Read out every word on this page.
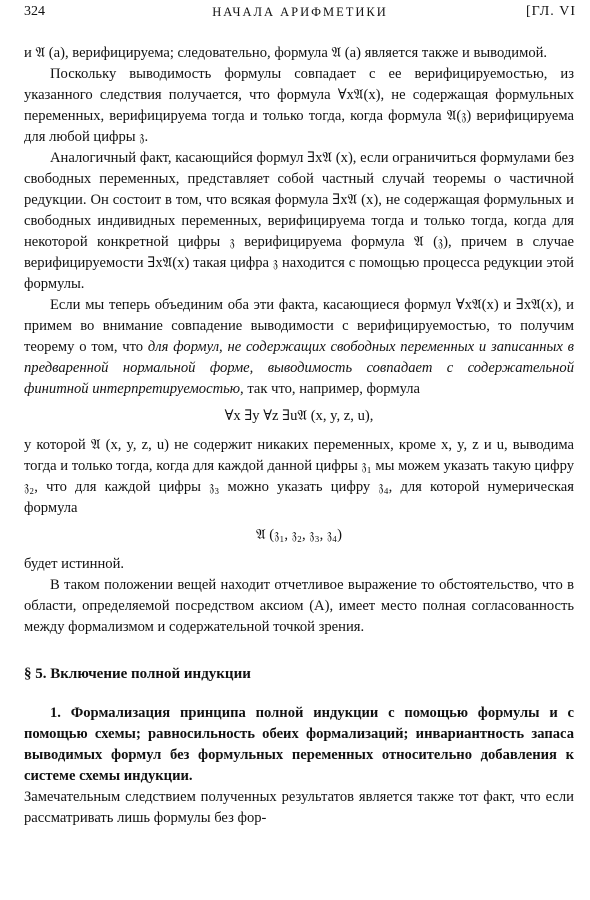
324	НАЧАЛА АРИФМЕТИКИ	[ГЛ. VI

и 𝔄 (a), верифицируема; следовательно, формула 𝔄 (a) является также и выводимой.

Поскольку выводимость формулы совпадает с ее верифицируемостью, из указанного следствия получается, что формула ∀x𝔄(x), не содержащая формульных переменных, верифицируема тогда и только тогда, когда формула 𝔄(𝔷) верифицируема для любой цифры 𝔷.

Аналогичный факт, касающийся формул ∃x𝔄 (x), если ограничиться формулами без свободных переменных, представляет собой частный случай теоремы о частичной редукции. Он состоит в том, что всякая формула ∃x𝔄 (x), не содержащая формульных и свободных индивидных переменных, верифицируема тогда и только тогда, когда для некоторой конкретной цифры 𝔷 верифицируема формула 𝔄 (𝔷), причем в случае верифицируемости ∃x𝔄(x) такая цифра 𝔷 находится с помощью процесса редукции этой формулы.

Если мы теперь объединим оба эти факта, касающиеся формул ∀x𝔄(x) и ∃x𝔄(x), и примем во внимание совпадение выводимости с верифицируемостью, то получим теорему о том, что для формул, не содержащих свободных переменных и записанных в предваренной нормальной форме, выводимость совпадает с содержательной финитной интерпретируемостью, так что, например, формула

∀x ∃y ∀z ∃u𝔄 (x, y, z, u),

у которой 𝔄 (x, y, z, u) не содержит никаких переменных, кроме x, y, z и u, выводима тогда и только тогда, когда для каждой данной цифры 𝔷₁ мы можем указать такую цифру 𝔷₂, что для каждой цифры 𝔷₃ можно указать цифру 𝔷₄, для которой нумерическая формула

𝔄 (𝔷₁, 𝔷₂, 𝔷₃, 𝔷₄)

будет истинной.

В таком положении вещей находит отчетливое выражение то обстоятельство, что в области, определяемой посредством аксиом (A), имеет место полная согласованность между формализмом и содержательной точкой зрения.

§ 5. Включение полной индукции

1. Формализация принципа полной индукции с помощью формулы и с помощью схемы; равносильность обеих формализаций; инвариантность запаса выводимых формул без формульных переменных относительно добавления к системе схемы индукции.

Замечательным следствием полученных результатов является также тот факт, что если рассматривать лишь формулы без фор-
